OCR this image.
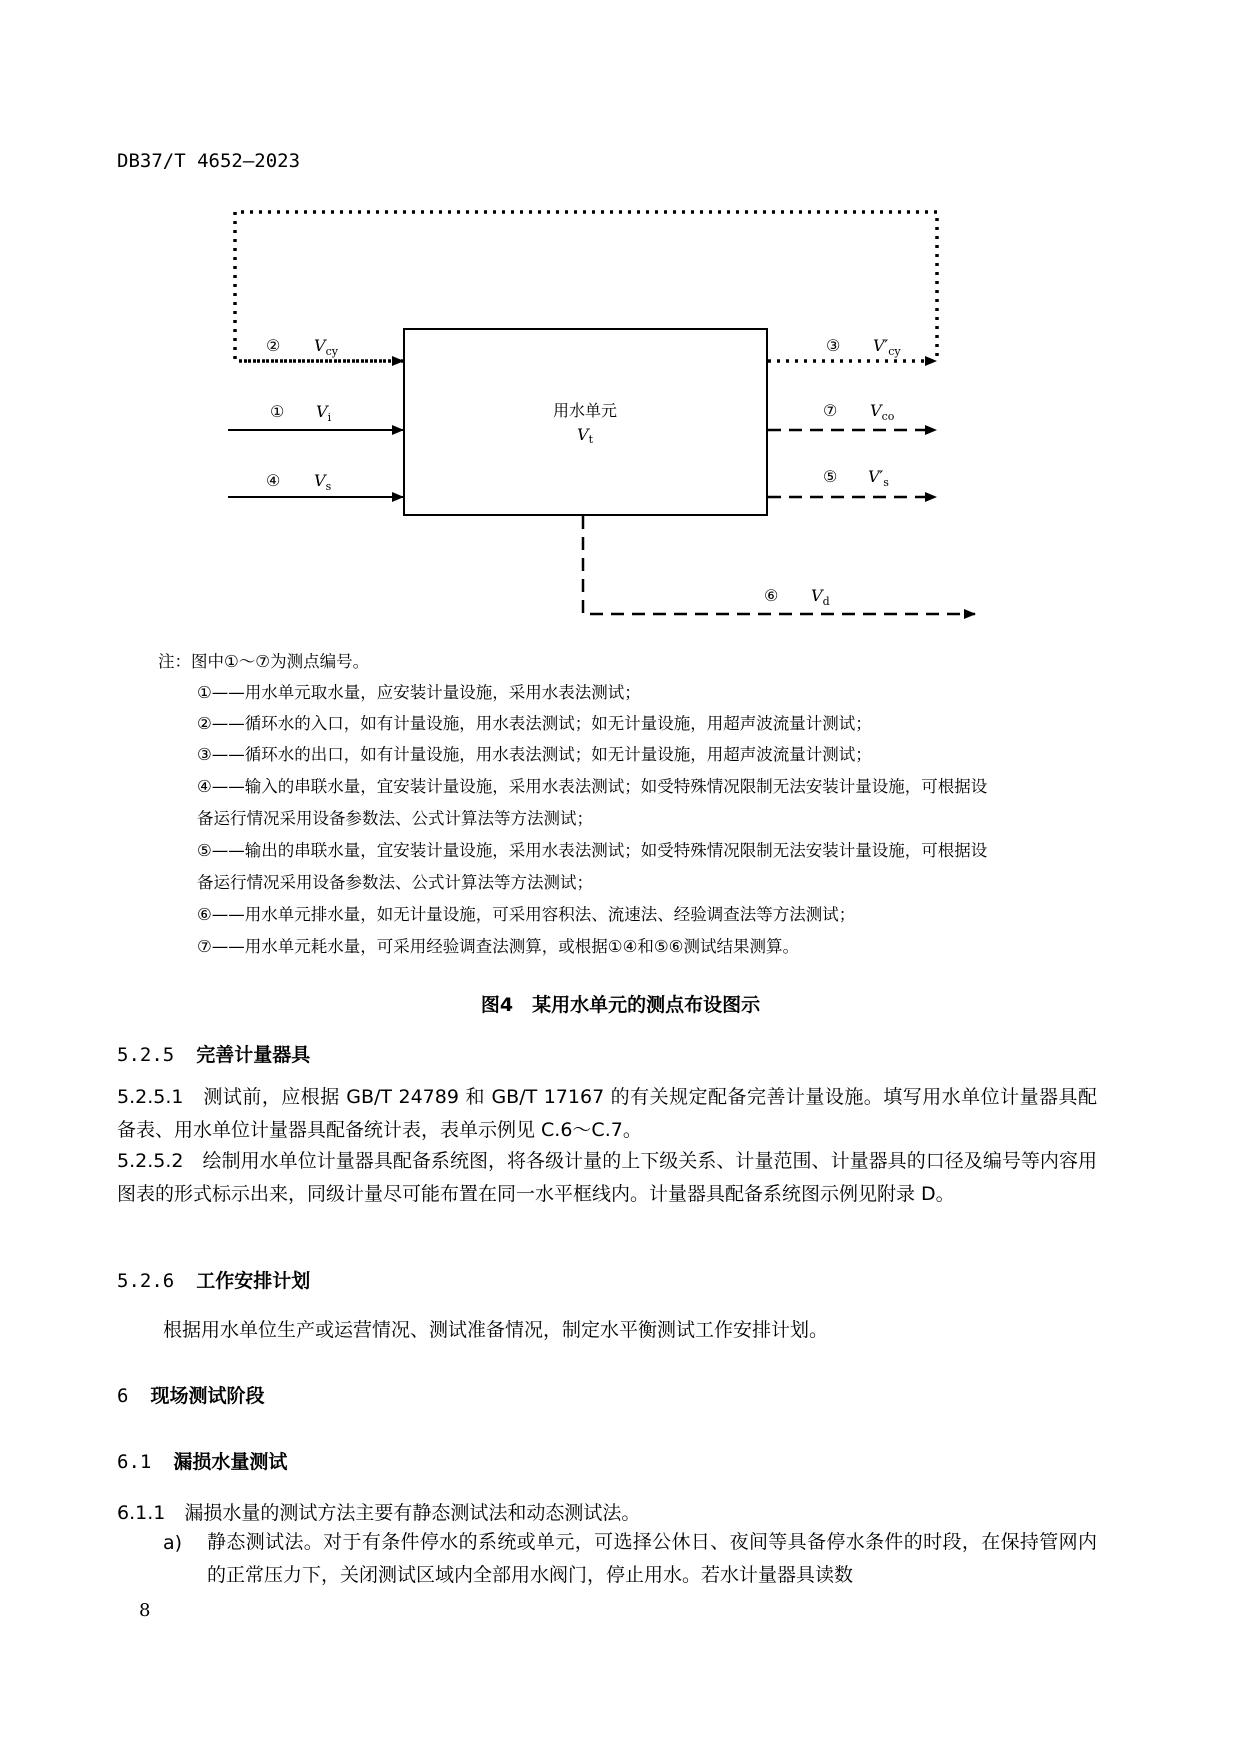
DB37/T 4652—2023
用水单元
Vt
② $V_{cy}$	③ $V'_{cy}$
① $V_i$
④ $V_s$
⑦ $V_{co}$
⑤ $V'_s$
⑥ $V_d$
注：图中①～⑦为测点编号。
①——用水单元取水量，应安装计量设施，采用水表法测试；
②——循环水的入口，如有计量设施，用水表法测试；如无计量设施，用超声波流量计测试；
③——循环水的出口，如有计量设施，用水表法测试；如无计量设施，用超声波流量计测试；
④——输入的串联水量，宜安装计量设施，采用水表法测试；如受特殊情况限制无法安装计量设施，可根据设
备运行情况采用设备参数法、公式计算法等方法测试；
⑤——输出的串联水量，宜安装计量设施，采用水表法测试；如受特殊情况限制无法安装计量设施，可根据设
备运行情况采用设备参数法、公式计算法等方法测试；
⑥——用水单元排水量，如无计量设施，可采用容积法、流速法、经验调查法等方法测试；
⑦——用水单元耗水量，可采用经验调查法测算，或根据①④和⑤⑥测试结果测算。
图4　某用水单元的测点布设图示
5.2.5 完善计量器具
5.2.5.1　测试前，应根据 GB/T 24789 和 GB/T 17167 的有关规定配备完善计量设施。填写用水单位计量器具配备表、用水单位计量器具配备统计表，表单示例见 C.6～C.7。
5.2.5.2　绘制用水单位计量器具配备系统图，将各级计量的上下级关系、计量范围、计量器具的口径及编号等内容用图表的形式标示出来，同级计量尽可能布置在同一水平框线内。计量器具配备系统图示例见附录 D。
5.2.6 工作安排计划
根据用水单位生产或运营情况、测试准备情况，制定水平衡测试工作安排计划。
6 现场测试阶段
6.1 漏损水量测试
6.1.1　漏损水量的测试方法主要有静态测试法和动态测试法。
a) 静态测试法。对于有条件停水的系统或单元，可选择公休日、夜间等具备停水条件的时段，在保持管网内的正常压力下，关闭测试区域内全部用水阀门，停止用水。若水计量器具读数
8
